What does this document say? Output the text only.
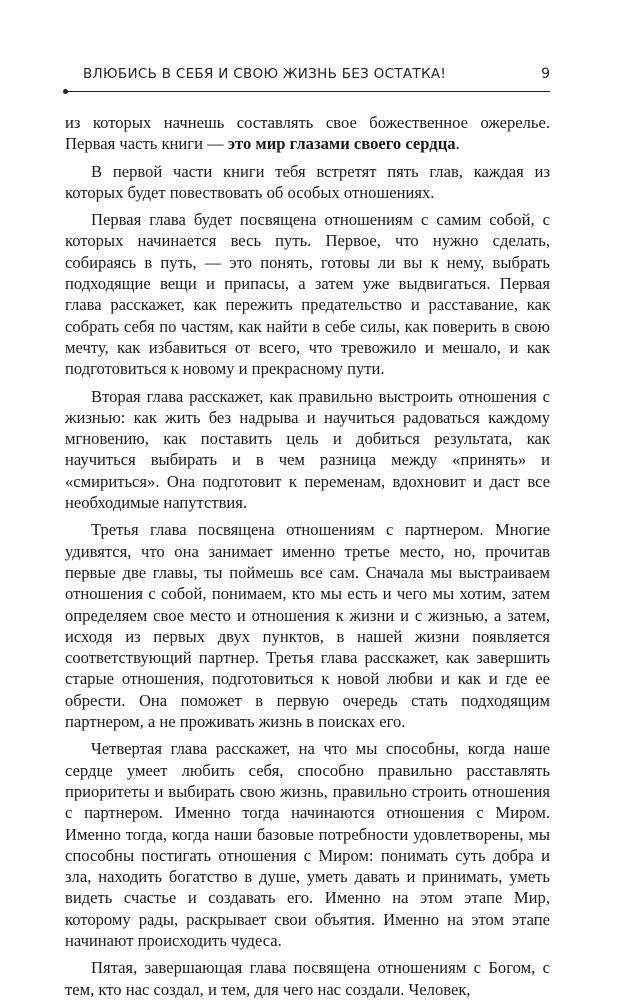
ВЛЮБИСЬ В СЕБЯ И СВОЮ ЖИЗНЬ БЕЗ ОСТАТКА!	9

из которых начнешь составлять свое божественное ожерелье. Первая часть книги — это мир глазами своего сердца.

В первой части книги тебя встретят пять глав, каждая из которых будет повествовать об особых отношениях.

Первая глава будет посвящена отношениям с самим собой, с которых начинается весь путь. Первое, что нужно сделать, собираясь в путь, — это понять, готовы ли вы к нему, выбрать подходящие вещи и припасы, а затем уже выдвигаться. Первая глава расскажет, как пережить предательство и расставание, как собрать себя по частям, как найти в себе силы, как поверить в свою мечту, как избавиться от всего, что тревожило и мешало, и как подготовиться к новому и прекрасному пути.

Вторая глава расскажет, как правильно выстроить отношения с жизнью: как жить без надрыва и научиться радоваться каждому мгновению, как поставить цель и добиться результата, как научиться выбирать и в чем разница между «принять» и «смириться». Она подготовит к переменам, вдохновит и даст все необходимые напутствия.

Третья глава посвящена отношениям с партнером. Многие удивятся, что она занимает именно третье место, но, прочитав первые две главы, ты поймешь все сам. Сначала мы выстраиваем отношения с собой, понимаем, кто мы есть и чего мы хотим, затем определяем свое место и отношения к жизни и с жизнью, а затем, исходя из первых двух пунктов, в нашей жизни появляется соответствующий партнер. Третья глава расскажет, как завершить старые отношения, подготовиться к новой любви и как и где ее обрести. Она поможет в первую очередь стать подходящим партнером, а не проживать жизнь в поисках его.

Четвертая глава расскажет, на что мы способны, когда наше сердце умеет любить себя, способно правильно расставлять приоритеты и выбирать свою жизнь, правильно строить отношения с партнером. Именно тогда начинаются отношения с Миром. Именно тогда, когда наши базовые потребности удовлетворены, мы способны постигать отношения с Миром: понимать суть добра и зла, находить богатство в душе, уметь давать и принимать, уметь видеть счастье и создавать его. Именно на этом этапе Мир, которому рады, раскрывает свои объятия. Именно на этом этапе начинают происходить чудеса.

Пятая, завершающая глава посвящена отношениям с Богом, с тем, кто нас создал, и тем, для чего нас создали. Человек,
